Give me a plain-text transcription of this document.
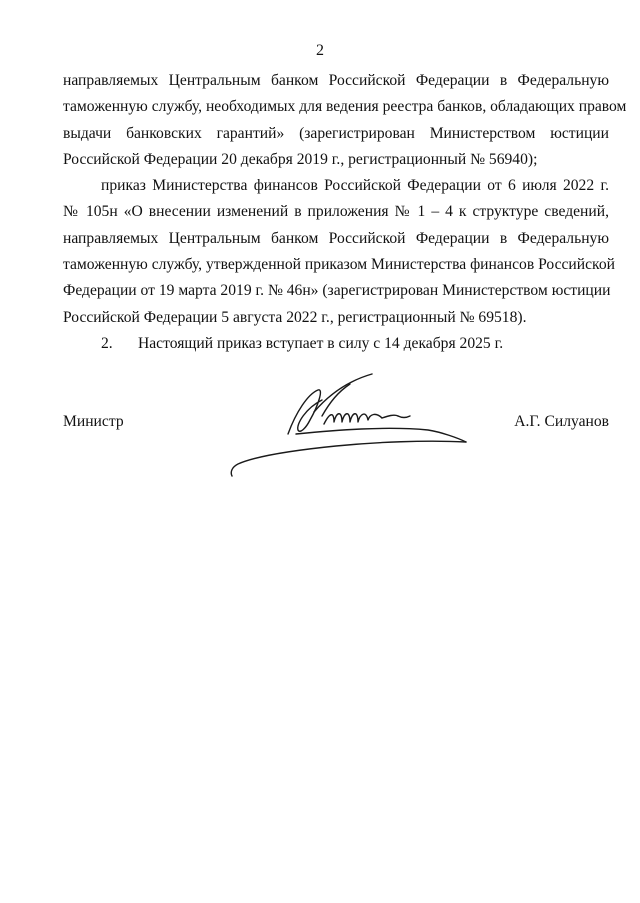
2

направляемых Центральным банком Российской Федерации в Федеральную
таможенную службу, необходимых для ведения реестра банков, обладающих правом
выдачи банковских гарантий» (зарегистрирован Министерством юстиции
Российской Федерации 20 декабря 2019 г., регистрационный № 56940);

приказ Министерства финансов Российской Федерации от 6 июля 2022 г.
№ 105н «О внесении изменений в приложения № 1 – 4 к структуре сведений,
направляемых Центральным банком Российской Федерации в Федеральную
таможенную службу, утвержденной приказом Министерства финансов Российской
Федерации от 19 марта 2019 г. № 46н» (зарегистрирован Министерством юстиции
Российской Федерации 5 августа 2022 г., регистрационный № 69518).

2.	Настоящий приказ вступает в силу с 14 декабря 2025 г.
Министр	А.Г. Силуанов
